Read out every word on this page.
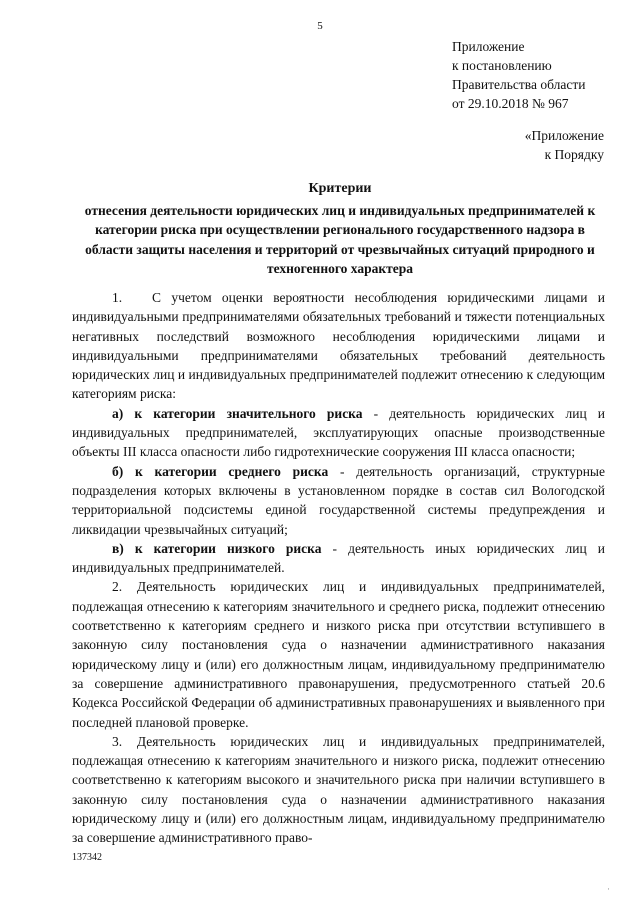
5
Приложение
к постановлению
Правительства области
от 29.10.2018 № 967
«Приложение
к Порядку
Критерии
отнесения деятельности юридических лиц и индивидуальных предпринимателей к категории риска при осуществлении регионального государственного надзора в области защиты населения и территорий от чрезвычайных ситуаций природного и техногенного характера

1. С учетом оценки вероятности несоблюдения юридическими лицами и индивидуальными предпринимателями обязательных требований и тяжести потенциальных негативных последствий возможного несоблюдения юридическими лицами и индивидуальными предпринимателями обязательных требований деятельность юридических лиц и индивидуальных предпринимателей подлежит отнесению к следующим категориям риска:

а) к категории значительного риска - деятельность юридических лиц и индивидуальных предпринимателей, эксплуатирующих опасные производственные объекты III класса опасности либо гидротехнические сооружения III класса опасности;

б) к категории среднего риска - деятельность организаций, структурные подразделения которых включены в установленном порядке в состав сил Вологодской территориальной подсистемы единой государственной системы предупреждения и ликвидации чрезвычайных ситуаций;

в) к категории низкого риска - деятельность иных юридических лиц и индивидуальных предпринимателей.

2. Деятельность юридических лиц и индивидуальных предпринимателей, подлежащая отнесению к категориям значительного и среднего риска, подлежит отнесению соответственно к категориям среднего и низкого риска при отсутствии вступившего в законную силу постановления суда о назначении административного наказания юридическому лицу и (или) его должностным лицам, индивидуальному предпринимателю за совершение административного правонарушения, предусмотренного статьей 20.6 Кодекса Российской Федерации об административных правонарушениях и выявленного при последней плановой проверке.

3. Деятельность юридических лиц и индивидуальных предпринимателей, подлежащая отнесению к категориям значительного и низкого риска, подлежит отнесению соответственно к категориям высокого и значительного риска при наличии вступившего в законную силу постановления суда о назначении административного наказания юридическому лицу и (или) его должностным лицам, индивидуальному предпринимателю за совершение административного право-

137342
·
